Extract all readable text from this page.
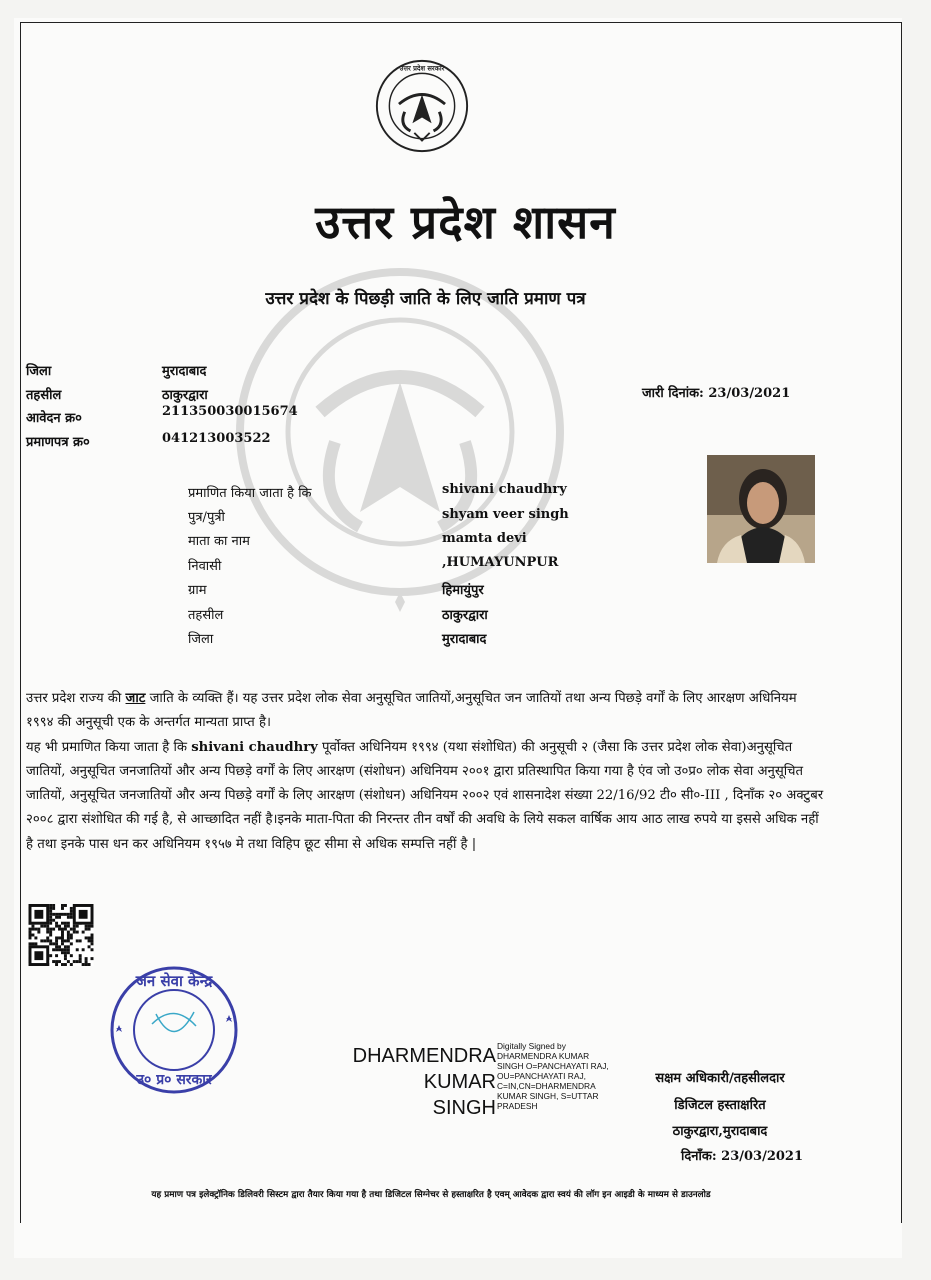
उत्तर प्रदेश सरकार
उत्तर प्रदेश शासन
उत्तर प्रदेश के पिछड़ी जाति के लिए जाति प्रमाण पत्र
जिला	मुरादाबाद
तहसील	ठाकुरद्वारा
आवेदन क्र०	211350030015674
प्रमाणपत्र क्र०	041213003522
जारी दिनांक: 23/03/2021
प्रमाणित किया जाता है कि	shivani chaudhry
पुत्र/पुत्री	shyam veer singh
माता का नाम	mamta devi
निवासी	,HUMAYUNPUR
ग्राम	हिमायुंपुर
तहसील	ठाकुरद्वारा
जिला	मुरादाबाद

उत्तर प्रदेश राज्य की जाट जाति के व्यक्ति हैं। यह उत्तर प्रदेश लोक सेवा अनुसूचित जातियों,अनुसूचित जन जातियों तथा अन्य पिछड़े वर्गों के लिए आरक्षण अधिनियम १९९४ की अनुसूची एक के अन्तर्गत मान्यता प्राप्त है।

यह भी प्रमाणित किया जाता है कि shivani chaudhry पूर्वोक्त अधिनियम १९९४ (यथा संशोधित) की अनुसूची २ (जैसा कि उत्तर प्रदेश लोक सेवा)अनुसूचित जातियों, अनुसूचित जनजातियों और अन्य पिछड़े वर्गों के लिए आरक्षण (संशोधन) अधिनियम २००१ द्वारा प्रतिस्थापित किया गया है एंव जो उ०प्र० लोक सेवा अनुसूचित जातियों, अनुसूचित जनजातियों और अन्य पिछड़े वर्गों के लिए आरक्षण (संशोधन) अधिनियम २००२ एवं शासनादेश संख्या 22/16/92 टी० सी०-III , दिनाँक २० अक्टुबर २००८ द्वारा संशोधित की गई है, से आच्छादित नहीं है।इनके माता-पिता की निरन्तर तीन वर्षों की अवधि के लिये सकल वार्षिक आय आठ लाख रुपये या इससे अधिक नहीं है तथा इनके पास धन कर अधिनियम १९५७ मे तथा विहिप छूट सीमा से अधिक सम्पत्ति नहीं है |

जन सेवा केन्द्र
उ० प्र० सरकार
DHARMENDRA
KUMAR
SINGH
Digitally Signed by DHARMENDRA KUMAR SINGH O=PANCHAYATI RAJ, OU=PANCHAYATI RAJ, C=IN,CN=DHARMENDRA KUMAR SINGH, S=UTTAR PRADESH
सक्षम अधिकारी/तहसीलदार
डिजिटल हस्ताक्षरित
ठाकुरद्वारा,मुरादाबाद
दिनाँक: 23/03/2021
यह प्रमाण पत्र इलेक्ट्रॉनिक डिलिवरी सिस्टम द्वारा तैयार किया गया है तथा डिजिटल सिग्नेचर से हस्ताक्षरित है एवम् आवेदक द्वारा स्वयं की लॉग इन आइडी के माध्यम से डाउनलोड
